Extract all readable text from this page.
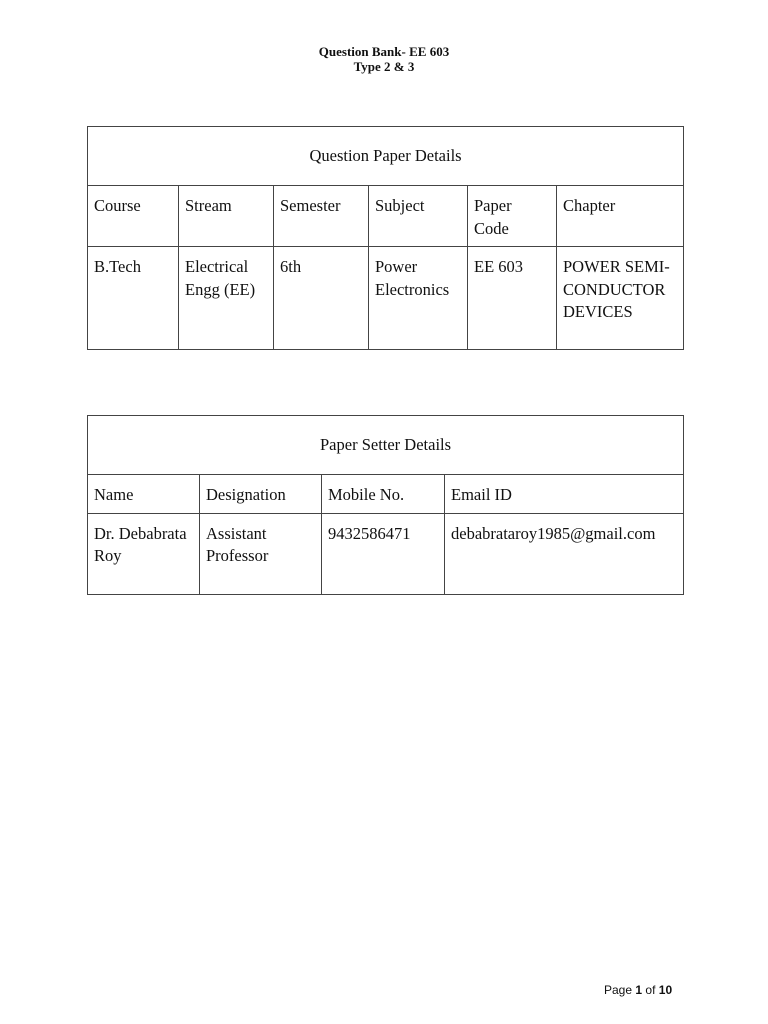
Question Bank- EE 603
Type 2 & 3
Question Paper Details					
Course	Stream	Semester	Subject	Paper Code	Chapter
B.Tech	Electrical Engg (EE)	6th	Power Electronics	EE 603	POWER SEMI-CONDUCTOR DEVICES
Paper Setter Details			
Name	Designation	Mobile No.	Email ID
Dr. Debabrata Roy	Assistant Professor	9432586471	debabrataroy1985@gmail.com
Page 1 of 10
